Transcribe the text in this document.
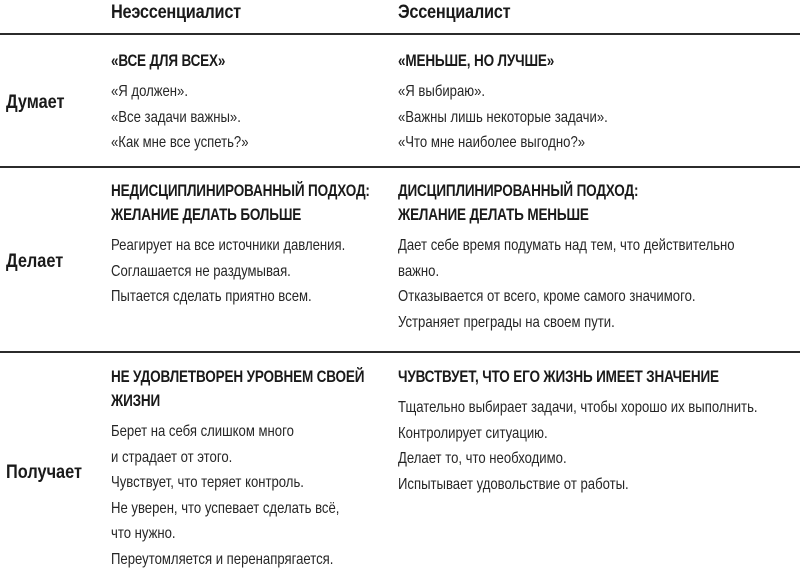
Неэссенциалист	Эссенциалист
Думает
«ВСЕ ДЛЯ ВСЕХ»
«Я должен».
«Все задачи важны».
«Как мне все успеть?»
«МЕНЬШЕ, НО ЛУЧШЕ»
«Я выбираю».
«Важны лишь некоторые задачи».
«Что мне наиболее выгодно?»
Делает
НЕДИСЦИПЛИНИРОВАННЫЙ ПОДХОД:
ЖЕЛАНИЕ ДЕЛАТЬ БОЛЬШЕ
Реагирует на все источники давления.
Соглашается не раздумывая.
Пытается сделать приятно всем.
ДИСЦИПЛИНИРОВАННЫЙ ПОДХОД:
ЖЕЛАНИЕ ДЕЛАТЬ МЕНЬШЕ
Дает себе время подумать над тем, что действительно
важно.
Отказывается от всего, кроме самого значимого.
Устраняет преграды на своем пути.
Получает
НЕ УДОВЛЕТВОРЕН УРОВНЕМ СВОЕЙ
ЖИЗНИ
Берет на себя слишком много
и страдает от этого.
Чувствует, что теряет контроль.
Не уверен, что успевает сделать всё,
что нужно.
Переутомляется и перенапрягается.
ЧУВСТВУЕТ, ЧТО ЕГО ЖИЗНЬ ИМЕЕТ ЗНАЧЕНИЕ
Тщательно выбирает задачи, чтобы хорошо их выполнить.
Контролирует ситуацию.
Делает то, что необходимо.
Испытывает удовольствие от работы.
